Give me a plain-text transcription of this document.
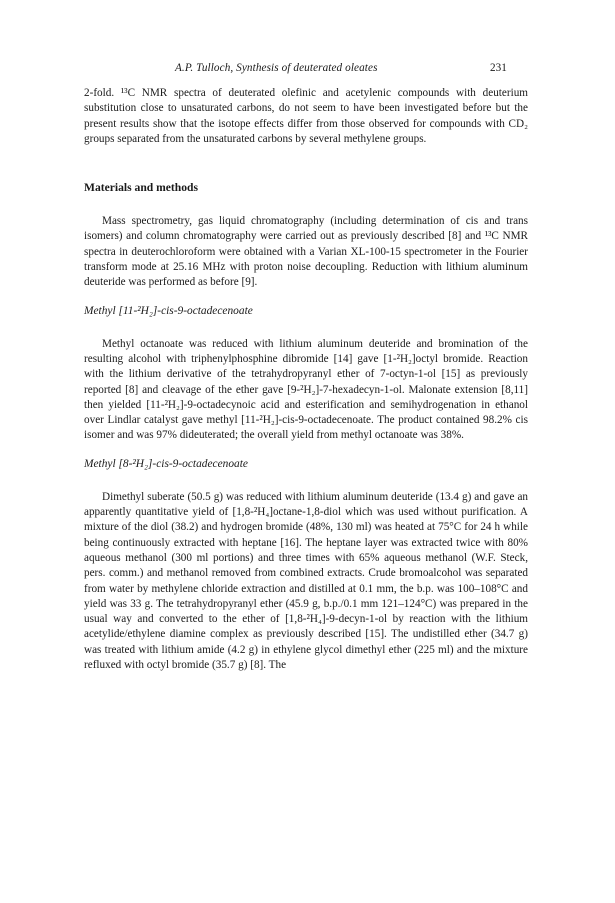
A.P. Tulloch, Synthesis of deuterated oleates	231

2-fold. ¹³C NMR spectra of deuterated olefinic and acetylenic compounds with deuterium substitution close to unsaturated carbons, do not seem to have been investigated before but the present results show that the isotope effects differ from those observed for compounds with CD₂ groups separated from the unsaturated carbons by several methylene groups.

Materials and methods

Mass spectrometry, gas liquid chromatography (including determination of cis and trans isomers) and column chromatography were carried out as previously described [8] and ¹³C NMR spectra in deuterochloroform were obtained with a Varian XL-100-15 spectrometer in the Fourier transform mode at 25.16 MHz with proton noise decoupling. Reduction with lithium aluminum deuteride was performed as before [9].

Methyl [11-²H₂]-cis-9-octadecenoate

Methyl octanoate was reduced with lithium aluminum deuteride and bromination of the resulting alcohol with triphenylphosphine dibromide [14] gave [1-²H₂]octyl bromide. Reaction with the lithium derivative of the tetrahydropyranyl ether of 7-octyn-1-ol [15] as previously reported [8] and cleavage of the ether gave [9-²H₂]-7-hexadecyn-1-ol. Malonate extension [8,11] then yielded [11-²H₂]-9-octadecynoic acid and esterification and semihydrogenation in ethanol over Lindlar catalyst gave methyl [11-²H₂]-cis-9-octadecenoate. The product contained 98.2% cis isomer and was 97% dideuterated; the overall yield from methyl octanoate was 38%.

Methyl [8-²H₂]-cis-9-octadecenoate

Dimethyl suberate (50.5 g) was reduced with lithium aluminum deuteride (13.4 g) and gave an apparently quantitative yield of [1,8-²H₄]octane-1,8-diol which was used without purification. A mixture of the diol (38.2) and hydrogen bromide (48%, 130 ml) was heated at 75°C for 24 h while being continuously extracted with heptane [16]. The heptane layer was extracted twice with 80% aqueous methanol (300 ml portions) and three times with 65% aqueous methanol (W.F. Steck, pers. comm.) and methanol removed from combined extracts. Crude bromoalcohol was separated from water by methylene chloride extraction and distilled at 0.1 mm, the b.p. was 100–108°C and yield was 33 g. The tetrahydropyranyl ether (45.9 g, b.p./0.1 mm 121–124°C) was prepared in the usual way and converted to the ether of [1,8-²H₄]-9-decyn-1-ol by reaction with the lithium acetylide/ethylene diamine complex as previously described [15]. The undistilled ether (34.7 g) was treated with lithium amide (4.2 g) in ethylene glycol dimethyl ether (225 ml) and the mixture refluxed with octyl bromide (35.7 g) [8]. The
